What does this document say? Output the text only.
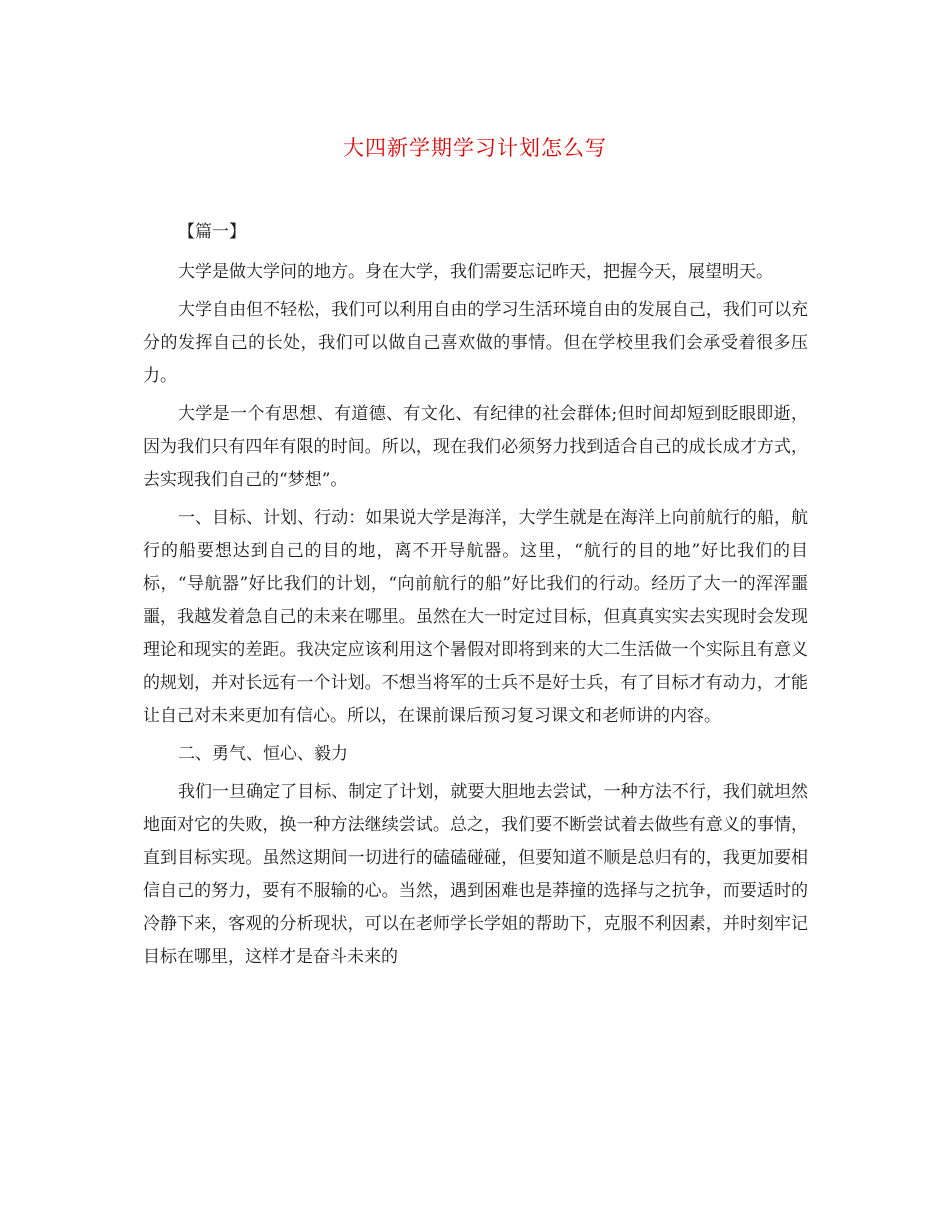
大四新学期学习计划怎么写
【篇一】

大学是做大学问的地方。身在大学，我们需要忘记昨天，把握今天，展望明天。

大学自由但不轻松，我们可以利用自由的学习生活环境自由的发展自己，我们可以充分的发挥自己的长处，我们可以做自己喜欢做的事情。但在学校里我们会承受着很多压力。

大学是一个有思想、有道德、有文化、有纪律的社会群体;但时间却短到眨眼即逝，因为我们只有四年有限的时间。所以，现在我们必须努力找到适合自己的成长成才方式，去实现我们自己的“梦想”。

一、目标、计划、行动：如果说大学是海洋，大学生就是在海洋上向前航行的船，航行的船要想达到自己的目的地，离不开导航器。这里，“航行的目的地”好比我们的目标，“导航器”好比我们的计划，“向前航行的船”好比我们的行动。经历了大一的浑浑噩噩，我越发着急自己的未来在哪里。虽然在大一时定过目标，但真真实实去实现时会发现理论和现实的差距。我决定应该利用这个暑假对即将到来的大二生活做一个实际且有意义的规划，并对长远有一个计划。不想当将军的士兵不是好士兵，有了目标才有动力，才能让自己对未来更加有信心。所以，在课前课后预习复习课文和老师讲的内容。

二、勇气、恒心、毅力

我们一旦确定了目标、制定了计划，就要大胆地去尝试，一种方法不行，我们就坦然地面对它的失败，换一种方法继续尝试。总之，我们要不断尝试着去做些有意义的事情，直到目标实现。虽然这期间一切进行的磕磕碰碰，但要知道不顺是总归有的，我更加要相信自己的努力，要有不服输的心。当然，遇到困难也是莽撞的选择与之抗争，而要适时的冷静下来，客观的分析现状，可以在老师学长学姐的帮助下，克服不利因素，并时刻牢记目标在哪里，这样才是奋斗未来的
